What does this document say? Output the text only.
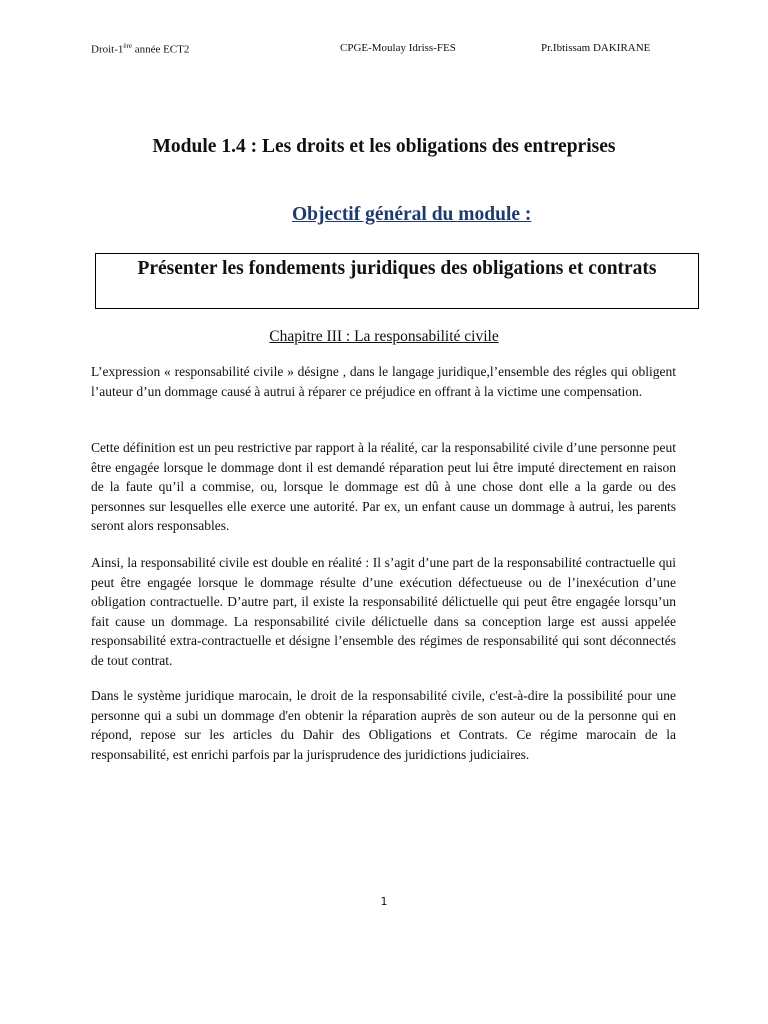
Droit-1ère année ECT2	CPGE-Moulay Idriss-FES	Pr.Ibtissam DAKIRANE
Module 1.4 : Les droits et les obligations des entreprises
Objectif général du module :
Présenter les fondements juridiques des obligations et contrats
Chapitre III : La responsabilité civile

L’expression « responsabilité civile » désigne , dans le langage juridique,l’ensemble des régles qui obligent l’auteur d’un dommage causé à autrui à réparer ce préjudice en offrant à la victime une compensation.

Cette définition est un peu restrictive par rapport à la réalité, car la responsabilité civile d’une personne peut être engagée lorsque le dommage dont il est demandé réparation peut lui être imputé directement en raison de la faute qu’il a commise, ou, lorsque le dommage est dû à une chose dont elle a la garde ou des personnes sur lesquelles elle exerce une autorité. Par ex, un enfant cause un dommage à autrui, les parents seront alors responsables.

Ainsi, la responsabilité civile est double en réalité : Il s’agit d’une part de la responsabilité contractuelle qui peut être engagée lorsque le dommage résulte d’une exécution défectueuse ou de l’inexécution d’une obligation contractuelle. D’autre part, il existe la responsabilité délictuelle qui peut être engagée lorsqu’un fait cause un dommage. La responsabilité civile délictuelle dans sa conception large est aussi appelée responsabilité extra-contractuelle et désigne l’ensemble des régimes de responsabilité qui sont déconnectés de tout contrat.

Dans le système juridique marocain, le droit de la responsabilité civile, c'est-à-dire la possibilité pour une personne qui a subi un dommage d'en obtenir la réparation auprès de son auteur ou de la personne qui en répond, repose sur les articles du Dahir des Obligations et Contrats. Ce régime marocain de la responsabilité, est enrichi parfois par la jurisprudence des juridictions judiciaires.

1
